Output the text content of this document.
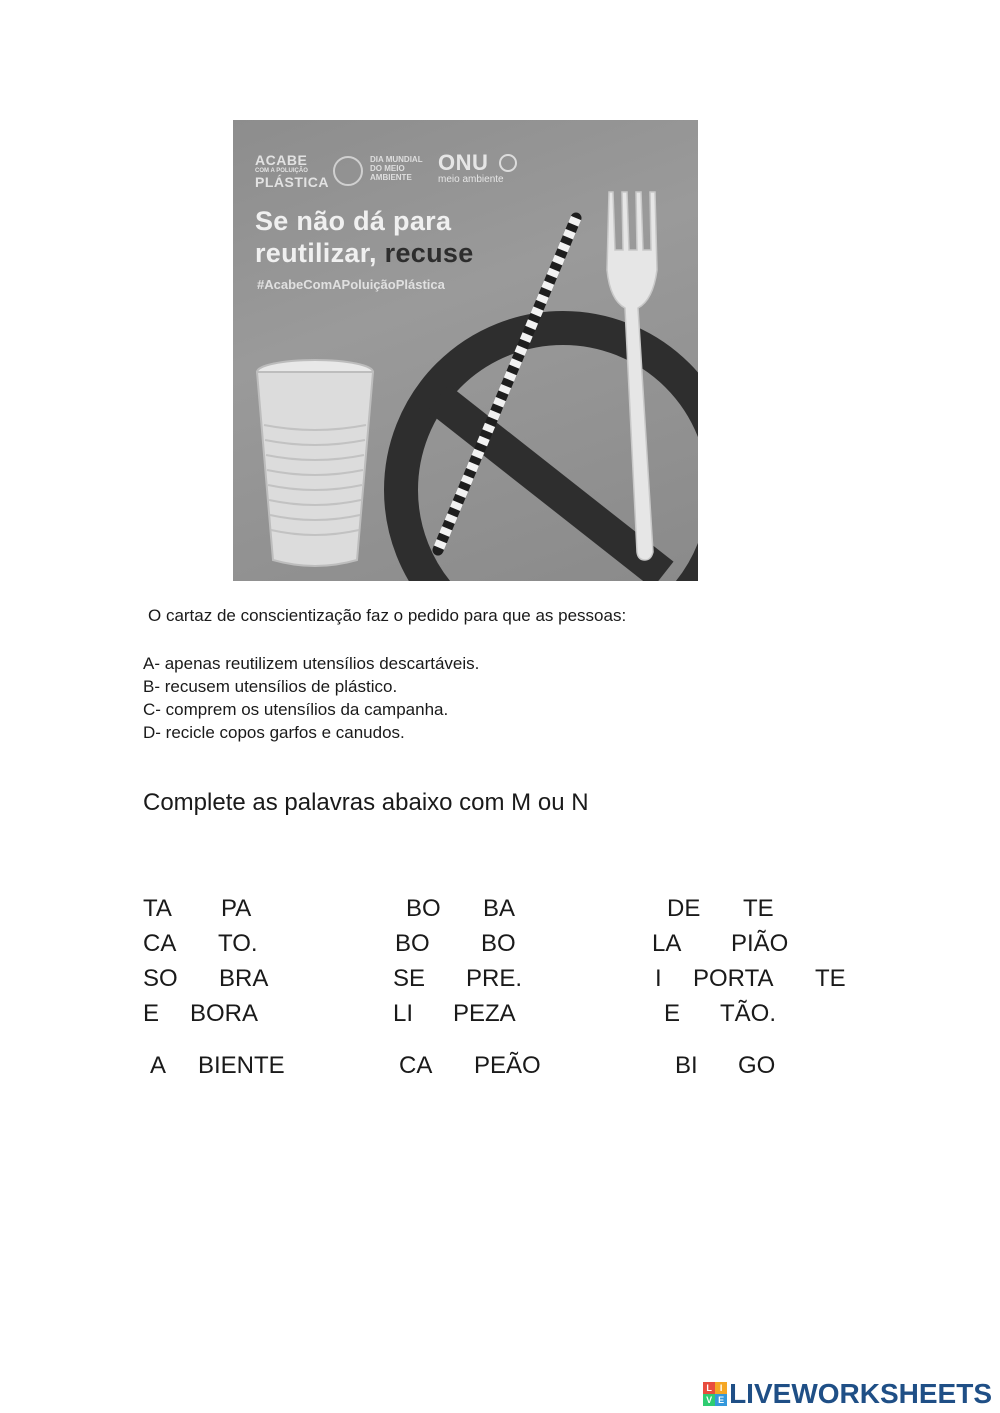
ACABE
COM A POLUIÇÃO
PLÁSTICA
DIA MUNDIAL
DO MEIO
AMBIENTE
ONU
meio ambiente
Se não dá para
reutilizar, recuse
#AcabeComAPoluiçãoPlástica
O cartaz de conscientização faz o pedido para que as pessoas:
A- apenas reutilizem utensílios descartáveis.
B- recusem utensílios de plástico.
C- comprem os utensílios da campanha.
D- recicle copos garfos e canudos.
Complete as palavras abaixo com M ou N
TA PA	BO BA	DE TE
CA TO.	BO BO	LA PIÃO
SO BRA	SE PRE.	I PORTA TE
E BORA	LI PEZA	E TÃO.
A BIENTE	CA PEÃO	BI GO
L I
V E LIVEWORKSHEETS
